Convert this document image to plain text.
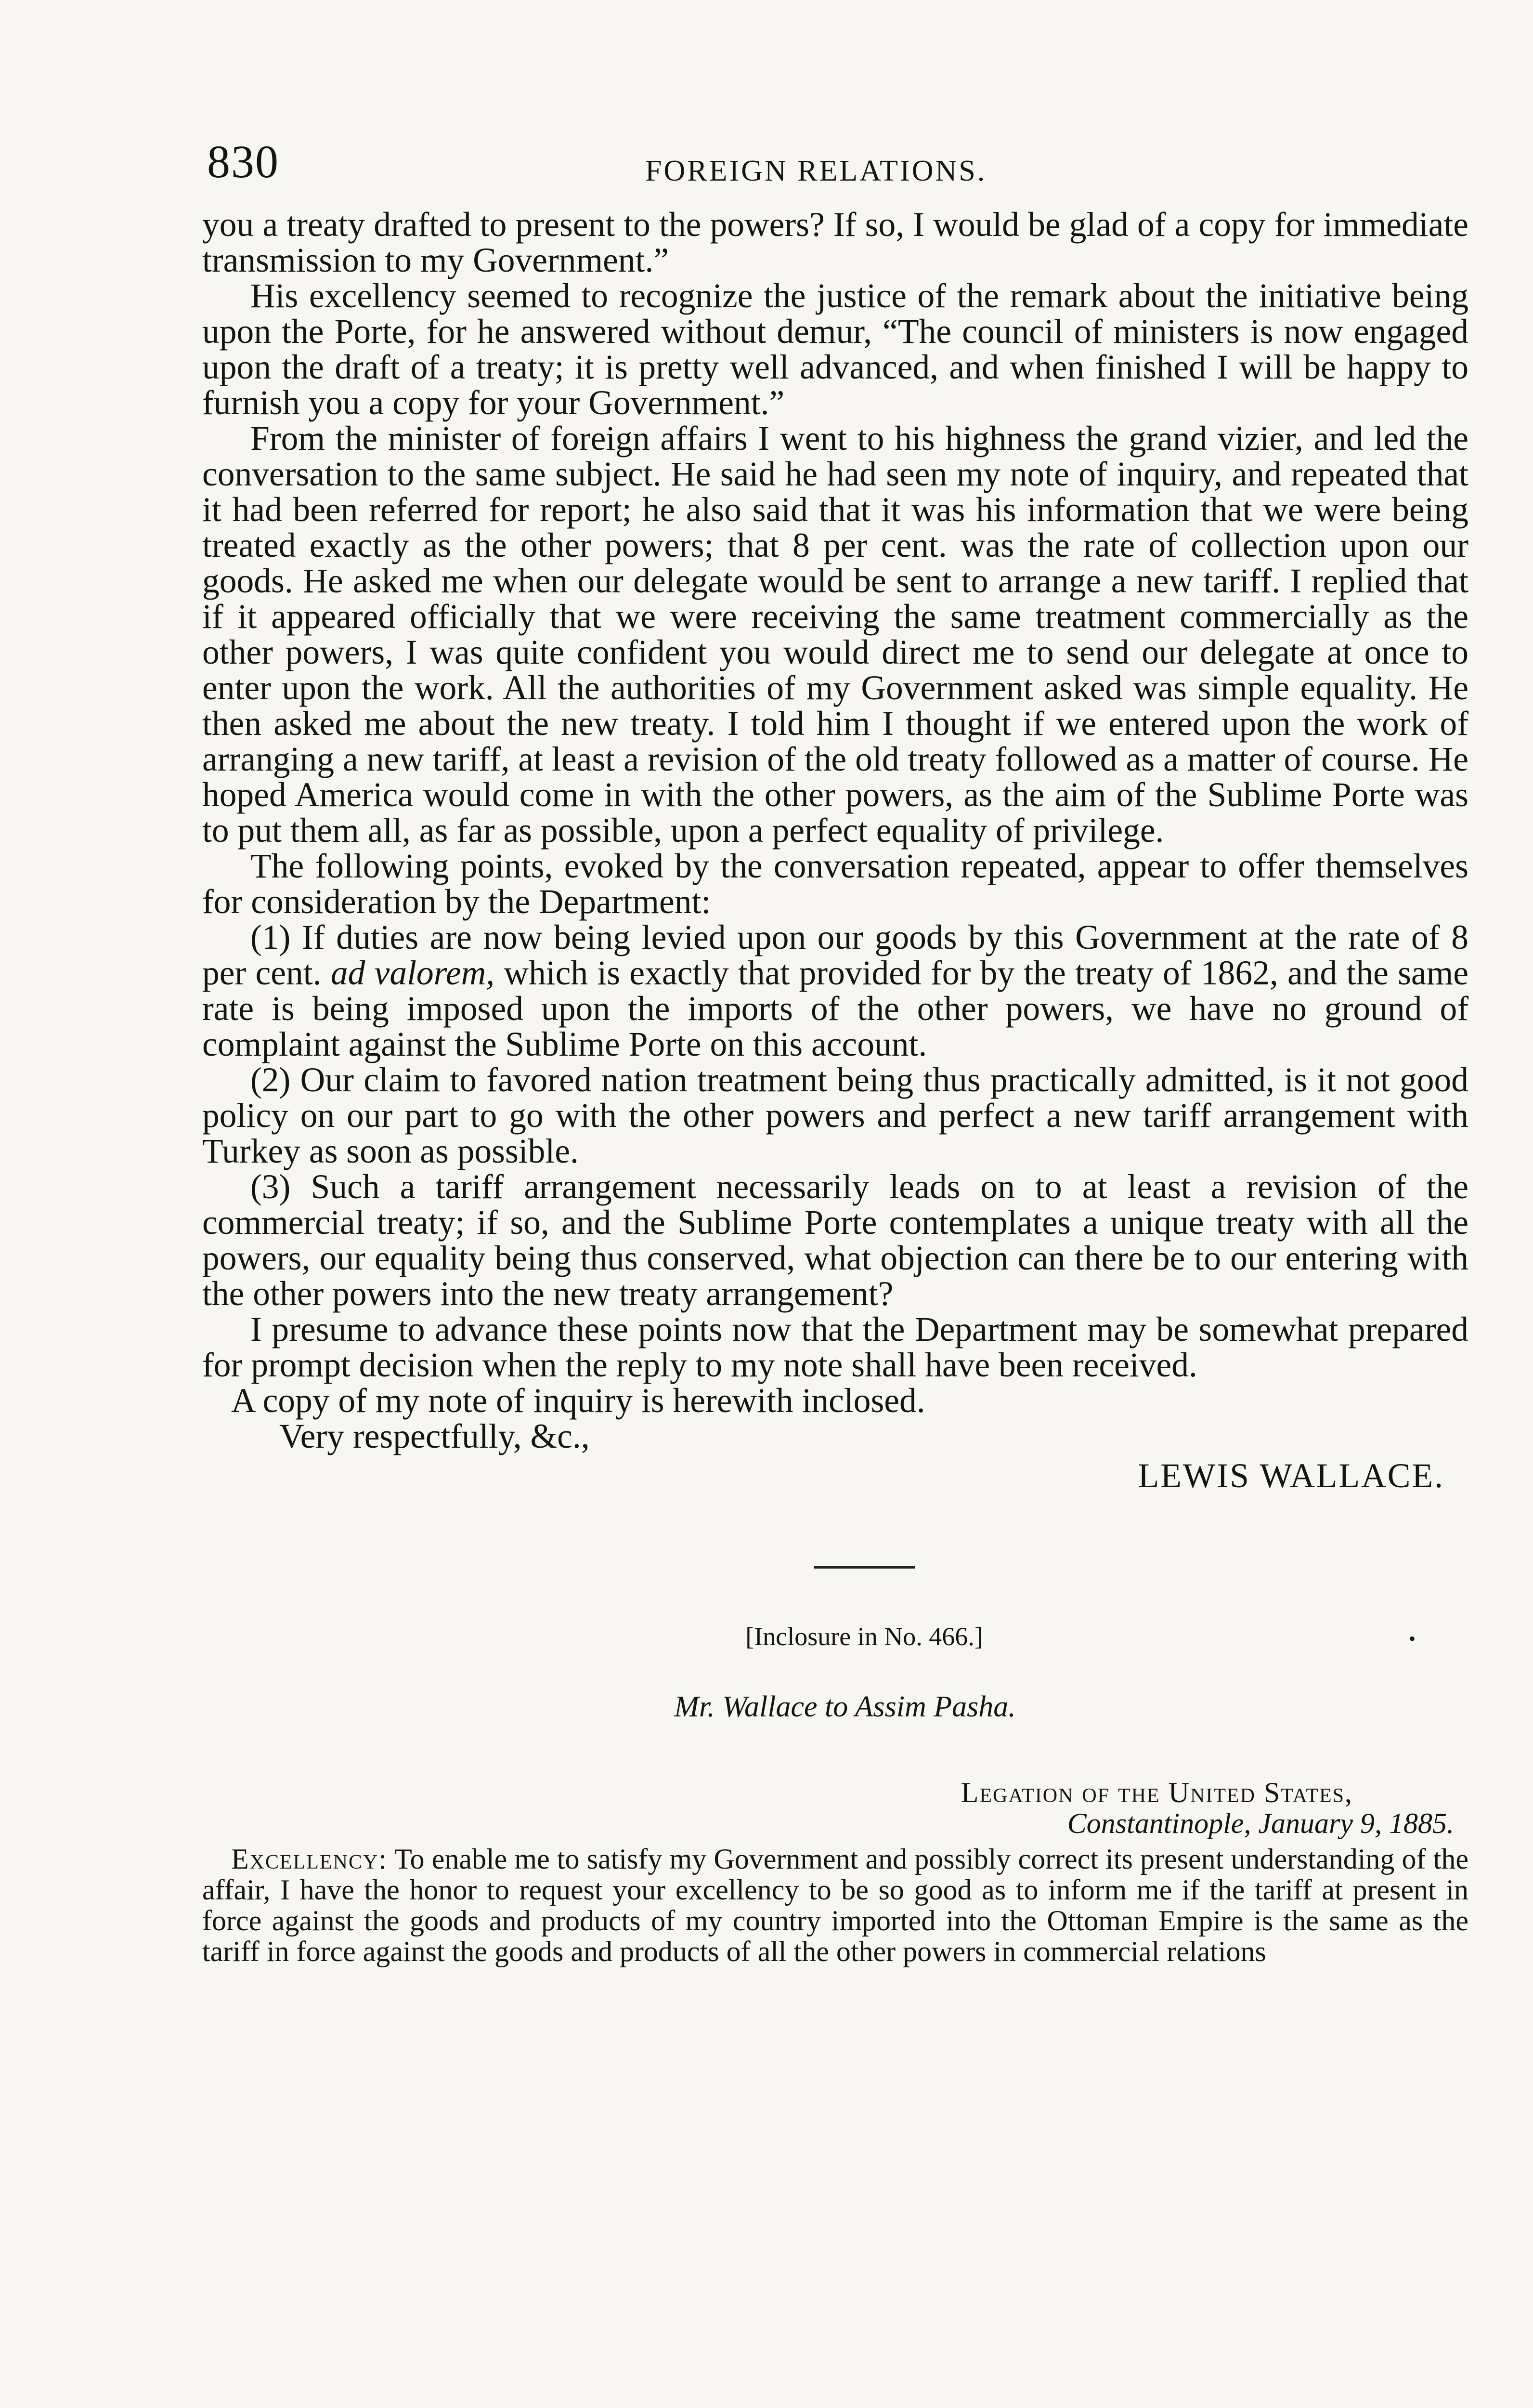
830	FOREIGN RELATIONS.

you a treaty drafted to present to the powers? If so, I would be glad of a copy for immediate transmission to my Government.”

His excellency seemed to recognize the justice of the remark about the initiative being upon the Porte, for he answered without demur, “The council of ministers is now engaged upon the draft of a treaty; it is pretty well advanced, and when finished I will be happy to furnish you a copy for your Government.”

From the minister of foreign affairs I went to his highness the grand vizier, and led the conversation to the same subject. He said he had seen my note of inquiry, and repeated that it had been referred for report; he also said that it was his information that we were being treated exactly as the other powers; that 8 per cent. was the rate of collection upon our goods. He asked me when our delegate would be sent to arrange a new tariff. I replied that if it appeared officially that we were receiving the same treatment commercially as the other powers, I was quite confident you would direct me to send our delegate at once to enter upon the work. All the authorities of my Government asked was simple equality. He then asked me about the new treaty. I told him I thought if we entered upon the work of arranging a new tariff, at least a revision of the old treaty followed as a matter of course. He hoped America would come in with the other powers, as the aim of the Sublime Porte was to put them all, as far as possible, upon a perfect equality of privilege.

The following points, evoked by the conversation repeated, appear to offer themselves for consideration by the Department:

(1) If duties are now being levied upon our goods by this Government at the rate of 8 per cent. ad valorem, which is exactly that provided for by the treaty of 1862, and the same rate is being imposed upon the imports of the other powers, we have no ground of complaint against the Sublime Porte on this account.

(2) Our claim to favored nation treatment being thus practically admitted, is it not good policy on our part to go with the other powers and perfect a new tariff arrangement with Turkey as soon as possible.

(3) Such a tariff arrangement necessarily leads on to at least a revision of the commercial treaty; if so, and the Sublime Porte contemplates a unique treaty with all the powers, our equality being thus conserved, what objection can there be to our entering with the other powers into the new treaty arrangement?

I presume to advance these points now that the Department may be somewhat prepared for prompt decision when the reply to my note shall have been received.

A copy of my note of inquiry is herewith inclosed.
Very respectfully, &c.,
LEWIS WALLACE.
[Inclosure in No. 466.]	•
Mr. Wallace to Assim Pasha.
Legation of the United States,
Constantinople, January 9, 1885.

Excellency: To enable me to satisfy my Government and possibly correct its present understanding of the affair, I have the honor to request your excellency to be so good as to inform me if the tariff at present in force against the goods and products of my country imported into the Ottoman Empire is the same as the tariff in force against the goods and products of all the other powers in commercial relations
